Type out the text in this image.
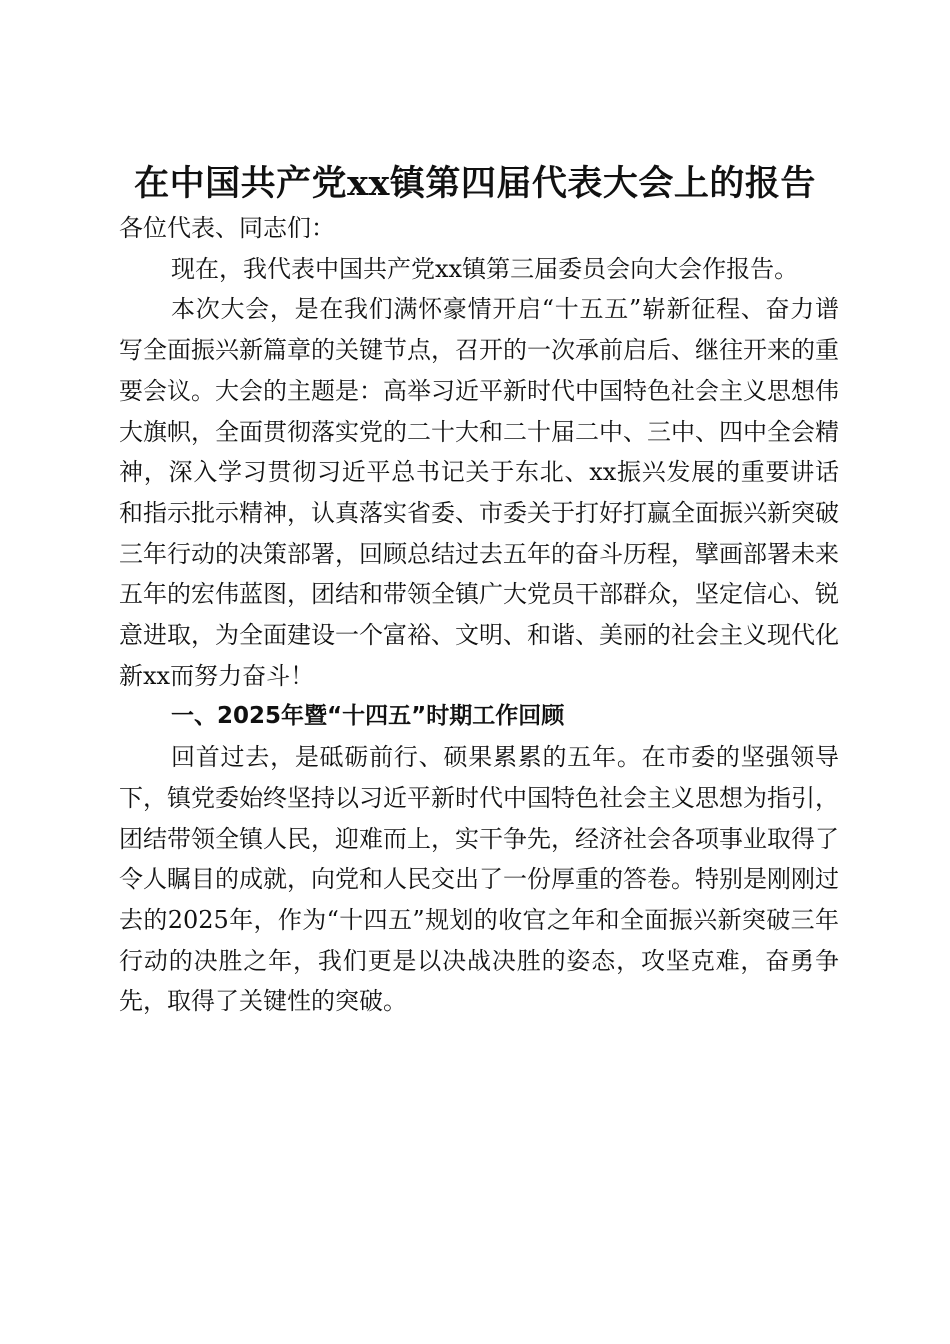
在中国共产党xx镇第四届代表大会上的报告

各位代表、同志们：

现在，我代表中国共产党xx镇第三届委员会向大会作报告。

本次大会，是在我们满怀豪情开启“十五五”崭新征程、奋力谱写全面振兴新篇章的关键节点，召开的一次承前启后、继往开来的重要会议。大会的主题是：高举习近平新时代中国特色社会主义思想伟大旗帜，全面贯彻落实党的二十大和二十届二中、三中、四中全会精神，深入学习贯彻习近平总书记关于东北、xx振兴发展的重要讲话和指示批示精神，认真落实省委、市委关于打好打赢全面振兴新突破三年行动的决策部署，回顾总结过去五年的奋斗历程，擘画部署未来五年的宏伟蓝图，团结和带领全镇广大党员干部群众，坚定信心、锐意进取，为全面建设一个富裕、文明、和谐、美丽的社会主义现代化新xx而努力奋斗！

一、2025年暨“十四五”时期工作回顾

回首过去，是砥砺前行、硕果累累的五年。在市委的坚强领导下，镇党委始终坚持以习近平新时代中国特色社会主义思想为指引，团结带领全镇人民，迎难而上，实干争先，经济社会各项事业取得了令人瞩目的成就，向党和人民交出了一份厚重的答卷。特别是刚刚过去的2025年，作为“十四五”规划的收官之年和全面振兴新突破三年行动的决胜之年，我们更是以决战决胜的姿态，攻坚克难，奋勇争先，取得了关键性的突破。
